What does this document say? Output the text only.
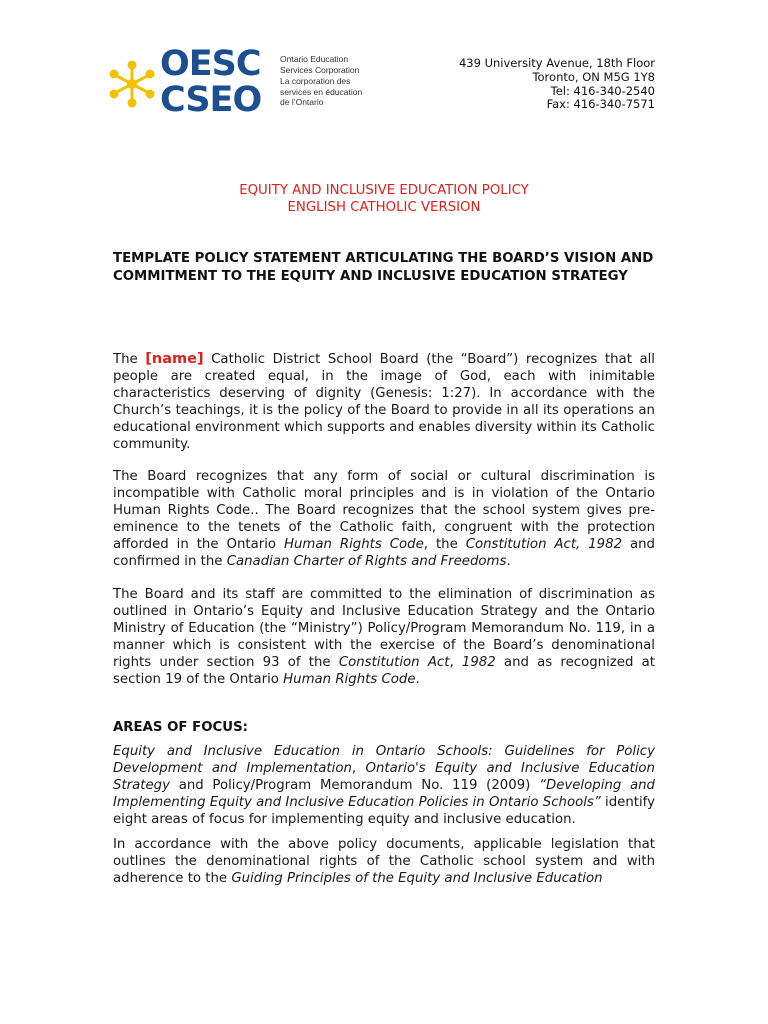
OESC
CSEO
Ontario Education
Services Corporation
La corporation des
services en éducation
de l’Ontario
439 University Avenue, 18th Floor
Toronto, ON M5G 1Y8
Tel: 416-340-2540
Fax: 416-340-7571
EQUITY AND INCLUSIVE EDUCATION POLICY
ENGLISH CATHOLIC VERSION
TEMPLATE POLICY STATEMENT ARTICULATING THE BOARD’S VISION AND COMMITMENT TO THE EQUITY AND INCLUSIVE EDUCATION STRATEGY
The [name] Catholic District School Board (the “Board”) recognizes that all people are created equal, in the image of God, each with inimitable characteristics deserving of dignity (Genesis: 1:27). In accordance with the Church’s teachings, it is the policy of the Board to provide in all its operations an educational environment which supports and enables diversity within its Catholic community.
The Board recognizes that any form of social or cultural discrimination is incompatible with Catholic moral principles and is in violation of the Ontario Human Rights Code.. The Board recognizes that the school system gives pre-eminence to the tenets of the Catholic faith, congruent with the protection afforded in the Ontario Human Rights Code, the Constitution Act, 1982 and confirmed in the Canadian Charter of Rights and Freedoms.
The Board and its staff are committed to the elimination of discrimination as outlined in Ontario’s Equity and Inclusive Education Strategy and the Ontario Ministry of Education (the “Ministry”) Policy/Program Memorandum No. 119, in a manner which is consistent with the exercise of the Board’s denominational rights under section 93 of the Constitution Act, 1982 and as recognized at section 19 of the Ontario Human Rights Code.
AREAS OF FOCUS:
Equity and Inclusive Education in Ontario Schools: Guidelines for Policy Development and Implementation, Ontario's Equity and Inclusive Education Strategy and Policy/Program Memorandum No. 119 (2009) “Developing and Implementing Equity and Inclusive Education Policies in Ontario Schools” identify eight areas of focus for implementing equity and inclusive education.
In accordance with the above policy documents, applicable legislation that outlines the denominational rights of the Catholic school system and with adherence to the Guiding Principles of the Equity and Inclusive Education
